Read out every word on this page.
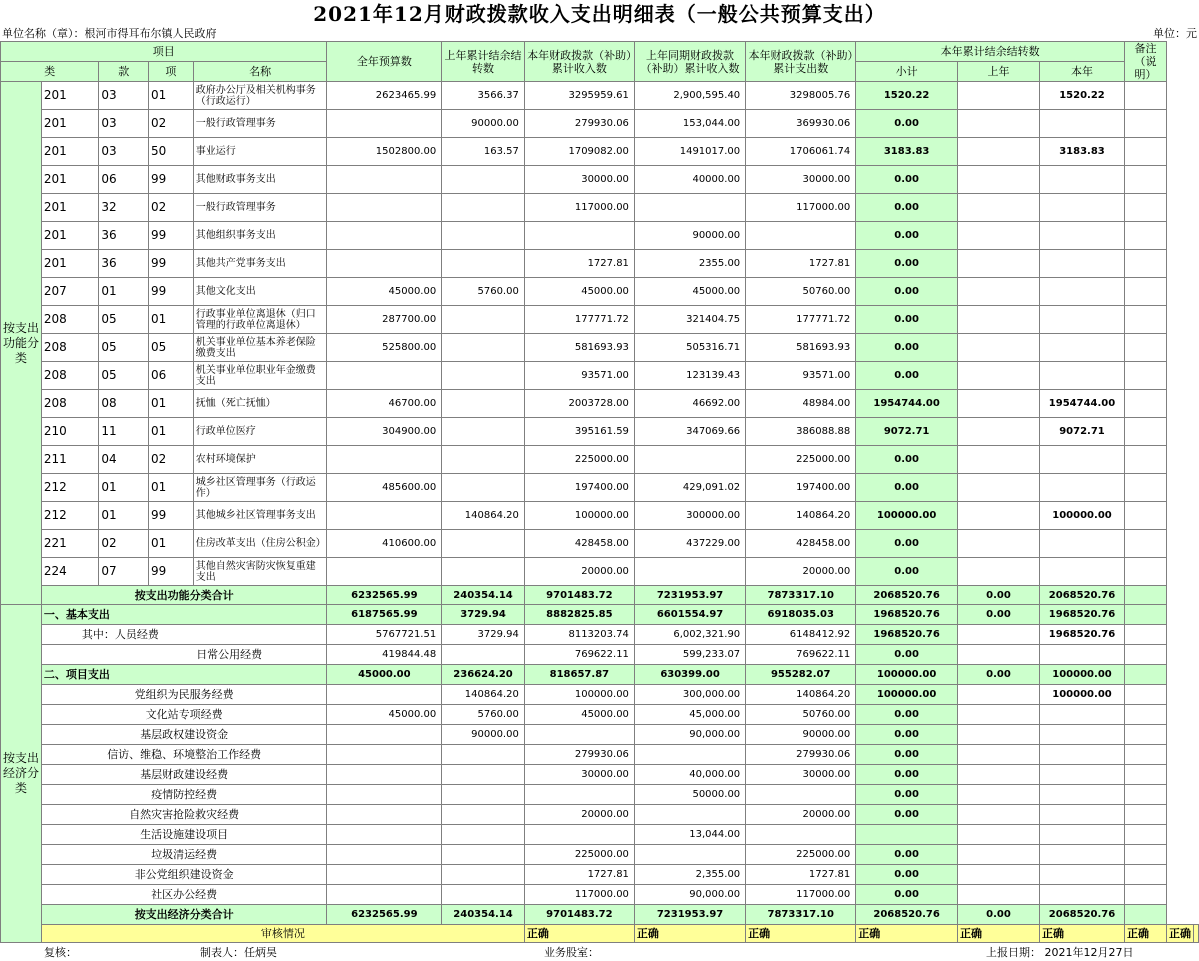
2021年12月财政拨款收入支出明细表（一般公共预算支出）
单位名称（章）：根河市得耳布尔镇人民政府	单位：元
项目					全年预算数	上年累计结余结转数	本年财政拨款（补助）累计收入数	上年同期财政拨款（补助）累计收入数	本年财政拨款（补助）累计支出数	本年累计结余结转数			备注（说明）		
类		款	项	名称						小计	上年	本年			
按支出功能分类	201	03	01	政府办公厅及相关机构事务（行政运行）	2623465.99	3566.37	3295959.61	2,900,595.40	3298005.76	1520.22		1520.22			
	201	03	02	一般行政管理事务		90000.00	279930.06	153,044.00	369930.06	0.00					
	201	03	50	事业运行	1502800.00	163.57	1709082.00	1491017.00	1706061.74	3183.83		3183.83			
	201	06	99	其他财政事务支出			30000.00	40000.00	30000.00	0.00					
	201	32	02	一般行政管理事务			117000.00		117000.00	0.00					
	201	36	99	其他组织事务支出				90000.00		0.00					
	201	36	99	其他共产党事务支出			1727.81	2355.00	1727.81	0.00					
	207	01	99	其他文化支出	45000.00	5760.00	45000.00	45000.00	50760.00	0.00					
	208	05	01	行政事业单位离退休（归口管理的行政单位离退休）	287700.00		177771.72	321404.75	177771.72	0.00					
	208	05	05	机关事业单位基本养老保险缴费支出	525800.00		581693.93	505316.71	581693.93	0.00					
	208	05	06	机关事业单位职业年金缴费支出			93571.00	123139.43	93571.00	0.00					
	208	08	01	抚恤（死亡抚恤）	46700.00		2003728.00	46692.00	48984.00	1954744.00		1954744.00			
	210	11	01	行政单位医疗	304900.00		395161.59	347069.66	386088.88	9072.71		9072.71			
	211	04	02	农村环境保护			225000.00		225000.00	0.00					
	212	01	01	城乡社区管理事务（行政运作）	485600.00		197400.00	429,091.02	197400.00	0.00					
	212	01	99	其他城乡社区管理事务支出		140864.20	100000.00	300000.00	140864.20	100000.00		100000.00			
	221	02	01	住房改革支出（住房公积金）	410600.00		428458.00	437229.00	428458.00	0.00					
	224	07	99	其他自然灾害防灾恢复重建支出			20000.00		20000.00	0.00					
	按支出功能分类合计				6232565.99	240354.14	9701483.72	7231953.97	7873317.10	2068520.76	0.00	2068520.76			
按支出经济分类	一、基本支出				6187565.99	3729.94	8882825.85	6601554.97	6918035.03	1968520.76	0.00	1968520.76			
	其中：人员经费				5767721.51	3729.94	8113203.74	6,002,321.90	6148412.92	1968520.76		1968520.76			
	日常公用经费				419844.48		769622.11	599,233.07	769622.11	0.00					
	二、项目支出				45000.00	236624.20	818657.87	630399.00	955282.07	100000.00	0.00	100000.00			
	党组织为民服务经费					140864.20	100000.00	300,000.00	140864.20	100000.00		100000.00			
	文化站专项经费				45000.00	5760.00	45000.00	45,000.00	50760.00	0.00					
	基层政权建设资金					90000.00		90,000.00	90000.00	0.00					
	信访、维稳、环境整治工作经费						279930.06		279930.06	0.00					
	基层财政建设经费						30000.00	40,000.00	30000.00	0.00					
	疫情防控经费							50000.00		0.00					
	自然灾害抢险救灾经费						20000.00		20000.00	0.00					
	生活设施建设项目							13,044.00							
	垃圾清运经费						225000.00		225000.00	0.00					
	非公党组织建设资金						1727.81	2,355.00	1727.81	0.00					
	社区办公经费						117000.00	90,000.00	117000.00	0.00					
	按支出经济分类合计				6232565.99	240354.14	9701483.72	7231953.97	7873317.10	2068520.76	0.00	2068520.76			
	审核情况						正确	正确	正确	正确	正确	正确	正确	正确	
复核：	制表人：任炳昊	业务股室：	上报日期： 2021年12月27日
